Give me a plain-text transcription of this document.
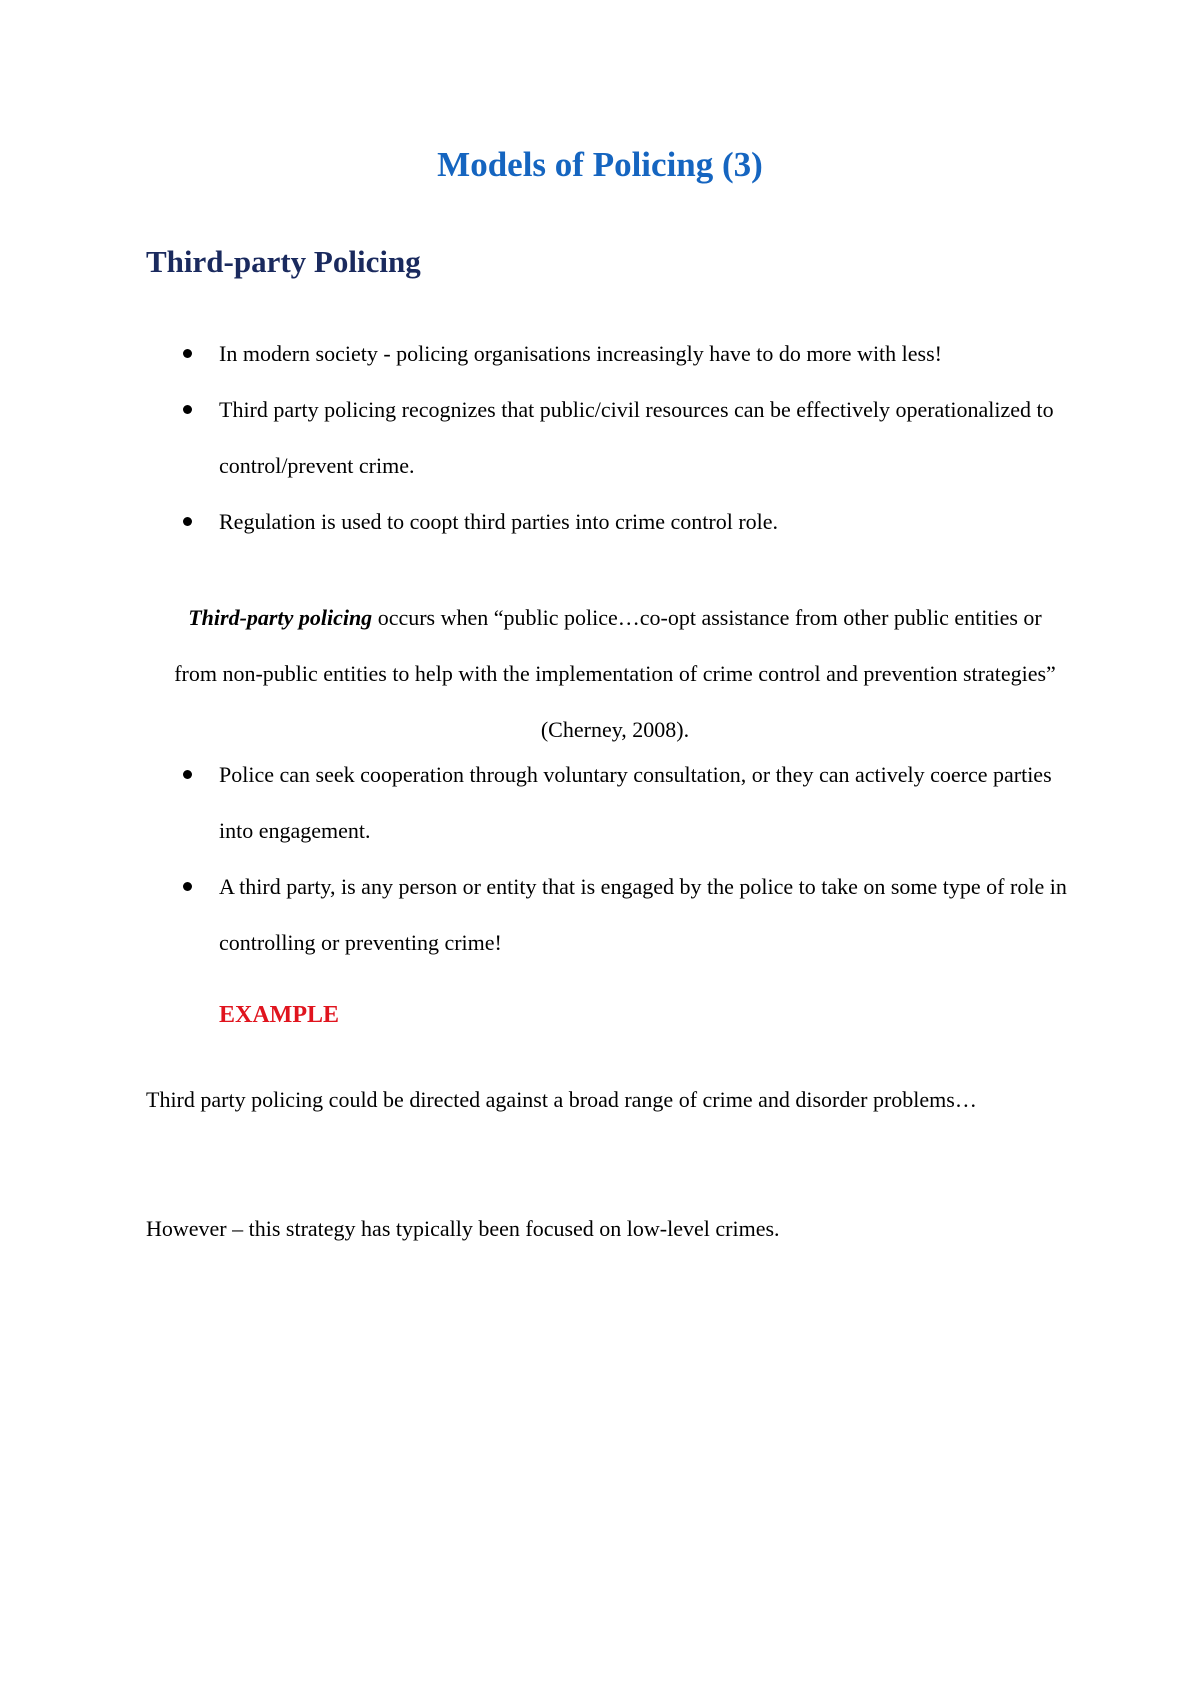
Models of Policing (3)
Third-party Policing
In modern society - policing organisations increasingly have to do more with less!
Third party policing recognizes that public/civil resources can be effectively operationalized to control/prevent crime.
Regulation is used to coopt third parties into crime control role.

Third-party policing occurs when “public police…co-opt assistance from other public entities or from non-public entities to help with the implementation of crime control and prevention strategies” (Cherney, 2008).

Police can seek cooperation through voluntary consultation, or they can actively coerce parties into engagement.
A third party, is any person or entity that is engaged by the police to take on some type of role in controlling or preventing crime!

EXAMPLE

Third party policing could be directed against a broad range of crime and disorder problems…

However – this strategy has typically been focused on low-level crimes.
